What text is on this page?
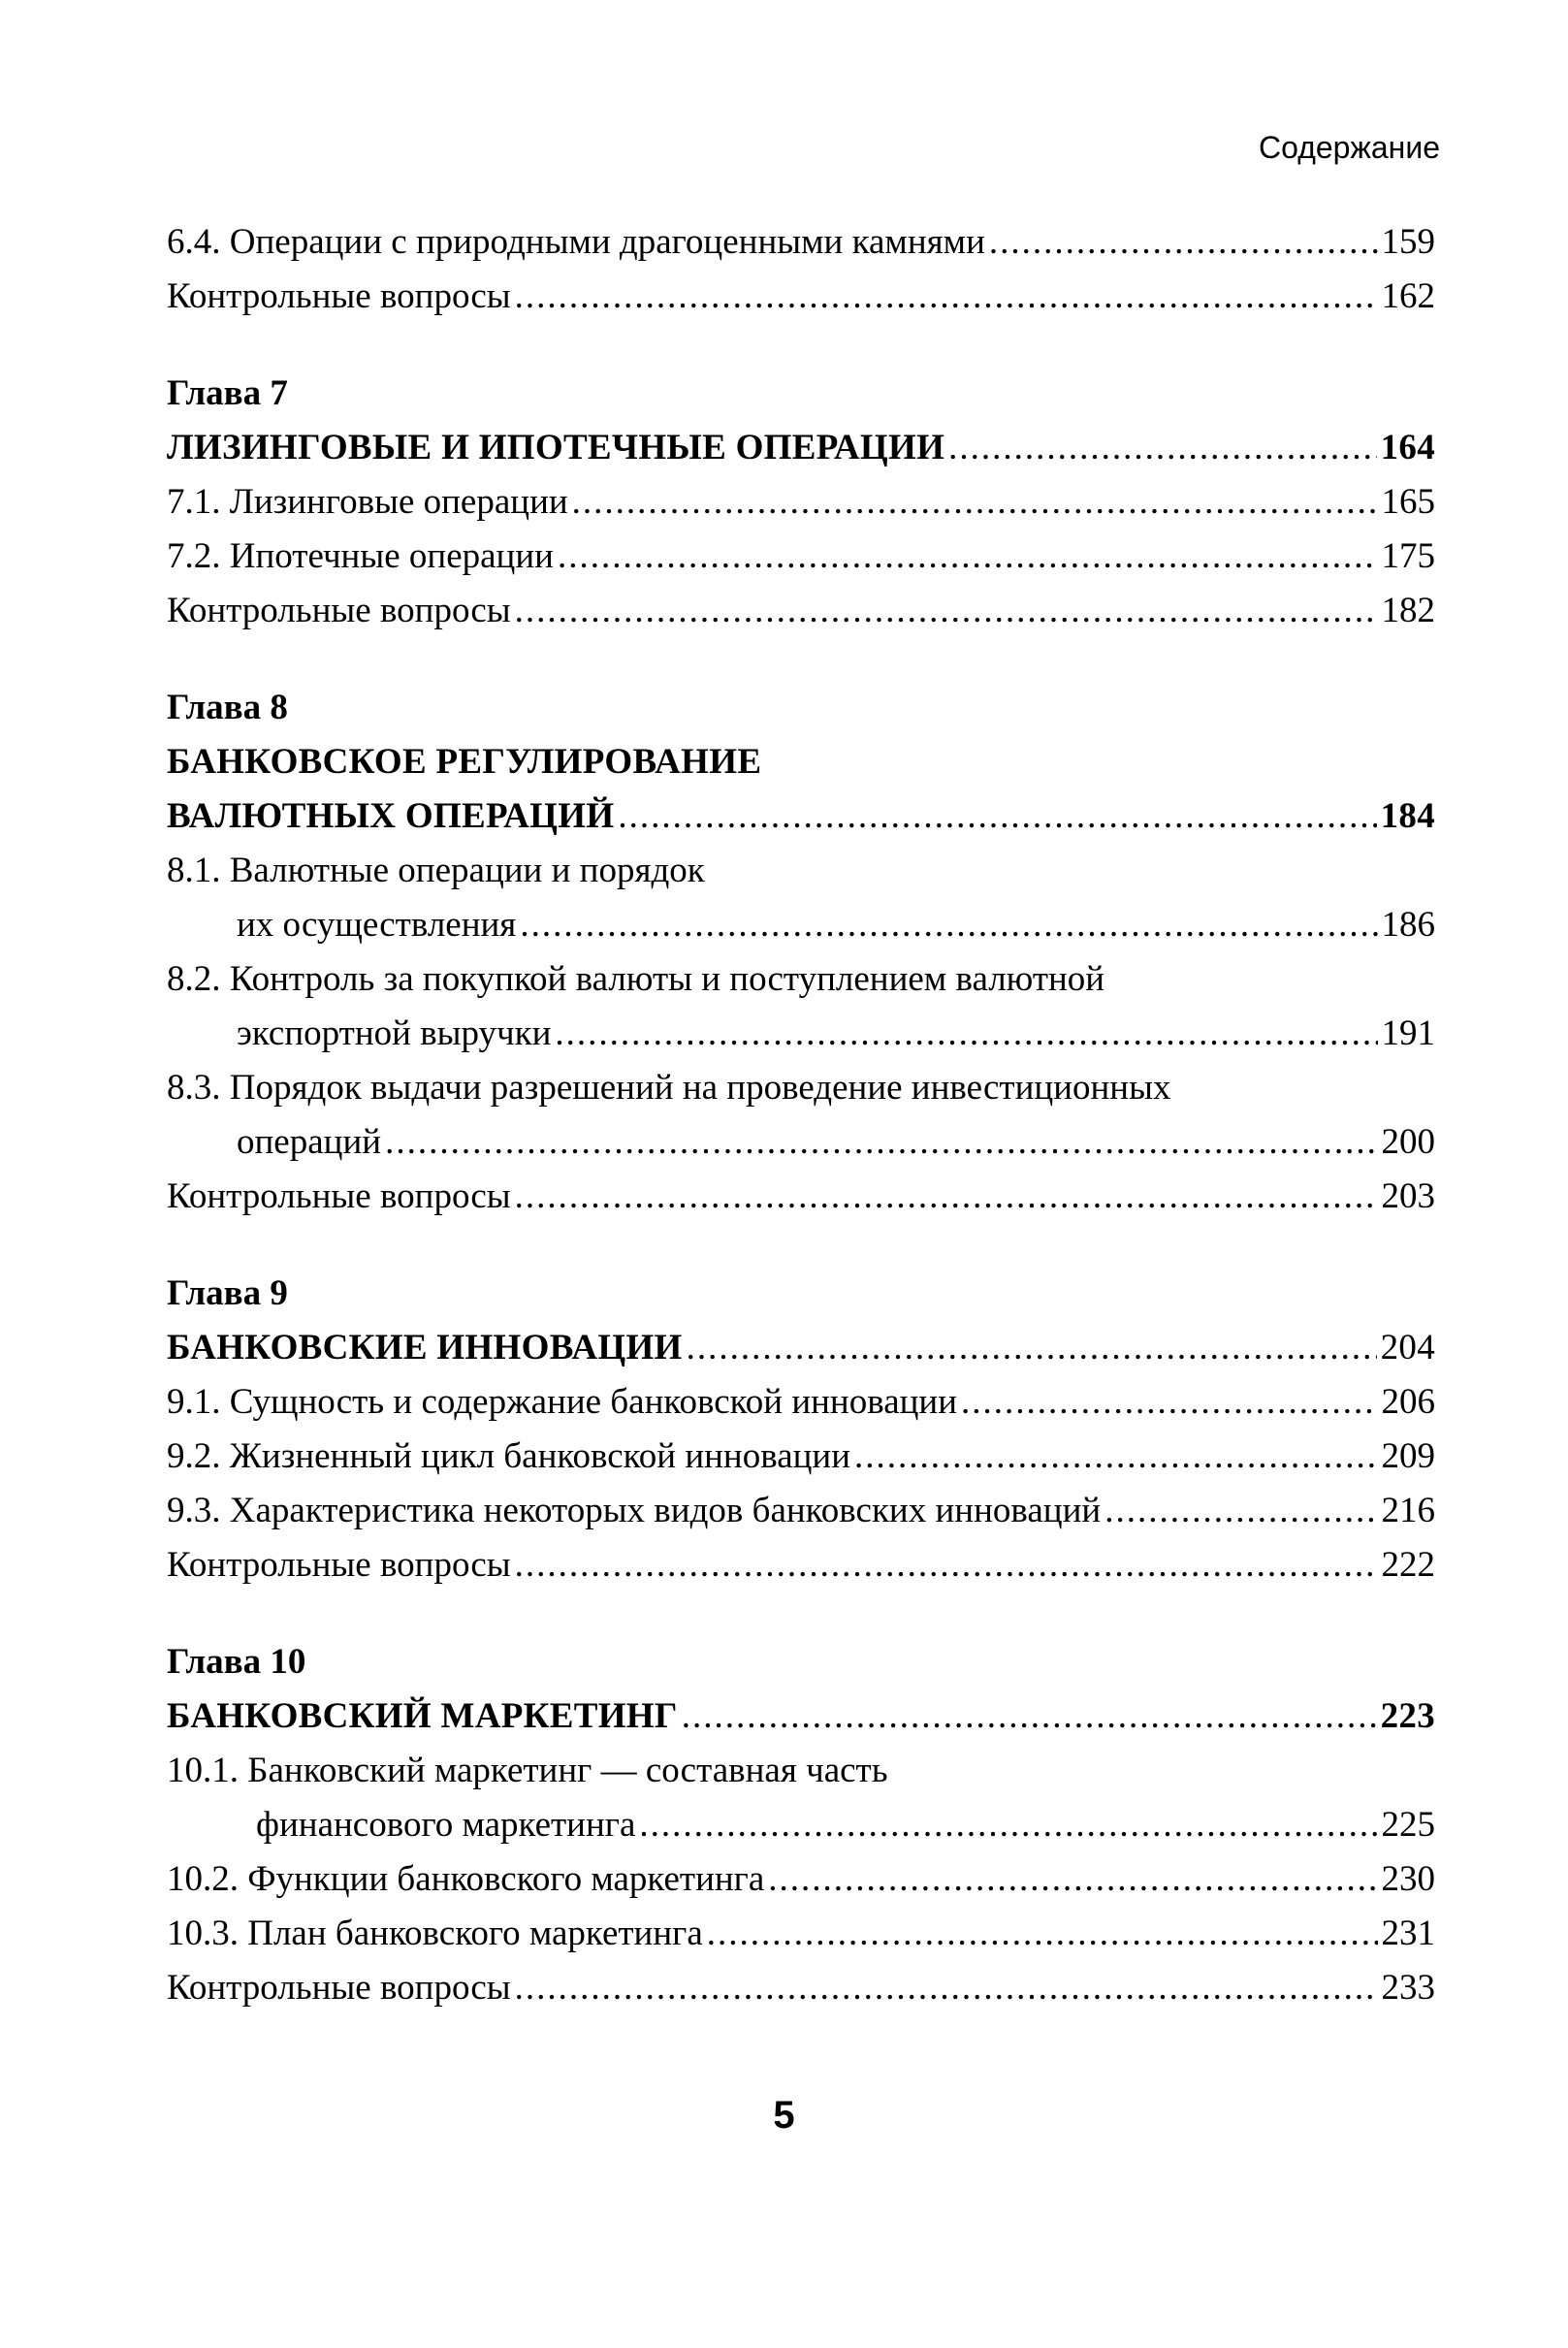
Содержание

6.4. Операции с природными драгоценными камнями .....	159
Контрольные вопросы .....	162
Глава 7
ЛИЗИНГОВЫЕ И ИПОТЕЧНЫЕ ОПЕРАЦИИ .....	164
7.1. Лизинговые операции .....	165
7.2. Ипотечные операции .....	175
Контрольные вопросы .....	182
Глава 8
БАНКОВСКОЕ РЕГУЛИРОВАНИЕ
ВАЛЮТНЫХ ОПЕРАЦИЙ .....	184
8.1. Валютные операции и порядок
их осуществления .....	186
8.2. Контроль за покупкой валюты и поступлением валютной
экспортной выручки .....	191
8.3. Порядок выдачи разрешений на проведение инвестиционных
операций .....	200
Контрольные вопросы .....	203
Глава 9
БАНКОВСКИЕ ИННОВАЦИИ .....	204
9.1. Сущность и содержание банковской инновации .....	206
9.2. Жизненный цикл банковской инновации .....	209
9.3. Характеристика некоторых видов банковских инноваций .....	216
Контрольные вопросы .....	222
Глава 10
БАНКОВСКИЙ МАРКЕТИНГ .....	223
10.1. Банковский маркетинг — составная часть
финансового маркетинга .....	225
10.2. Функции банковского маркетинга .....	230
10.3. План банковского маркетинга .....	231
Контрольные вопросы .....	233

5
